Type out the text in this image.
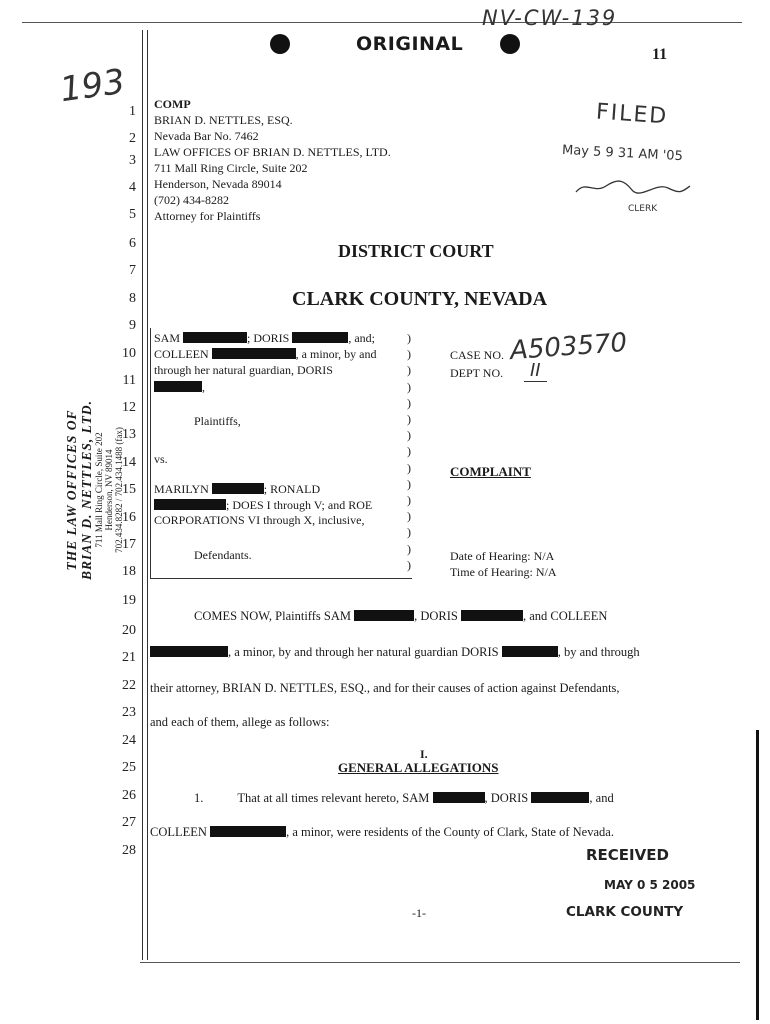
ORIGINAL
NV-CW-139
11
193
1
2
3
4
5
6
7
8
9
10
11
12
13
14
15
16
17
18
19
20
21
22
23
24
25
26
27
28
THE LAW OFFICES OF BRIAN D. NETTLES, LTD. 711 Mall Ring Circle, Suite 202 Henderson, NV 89014 702.434.8282 / 702.434.1488 (fax)
COMP
BRIAN D. NETTLES, ESQ.
Nevada Bar No. 7462
LAW OFFICES OF BRIAN D. NETTLES, LTD.
711 Mall Ring Circle, Suite 202
Henderson, Nevada 89014
(702) 434-8282
Attorney for Plaintiffs
FILED
May 5 9 31 AM '05
CLERK
DISTRICT COURT
CLARK COUNTY, NEVADA
SAM	; DORIS	, and;
COLLEEN	, a minor, by and
through her natural guardian, DORIS
,
Plaintiffs,
vs.
MARILYN	; RONALD
; DOES I through V; and ROE
CORPORATIONS VI through X, inclusive,
Defendants.
)
)
)
)
)
)
)
)
)
)
)
)
)
)
)
CASE NO. A503570
DEPT NO.	II
COMPLAINT
Date of Hearing: N/A
Time of Hearing: N/A
COMES NOW, Plaintiffs SAM	, DORIS	, and COLLEEN
, a minor, by and through her natural guardian DORIS	, by and through
their attorney, BRIAN D. NETTLES, ESQ., and for their causes of action against Defendants,
and each of them, allege as follows:
I.
GENERAL ALLEGATIONS
1.	That at all times relevant hereto, SAM	, DORIS	, and
COLLEEN	, a minor, were residents of the County of Clark, State of Nevada.
RECEIVED
MAY 0 5 2005
CLARK COUNTY
-1-
